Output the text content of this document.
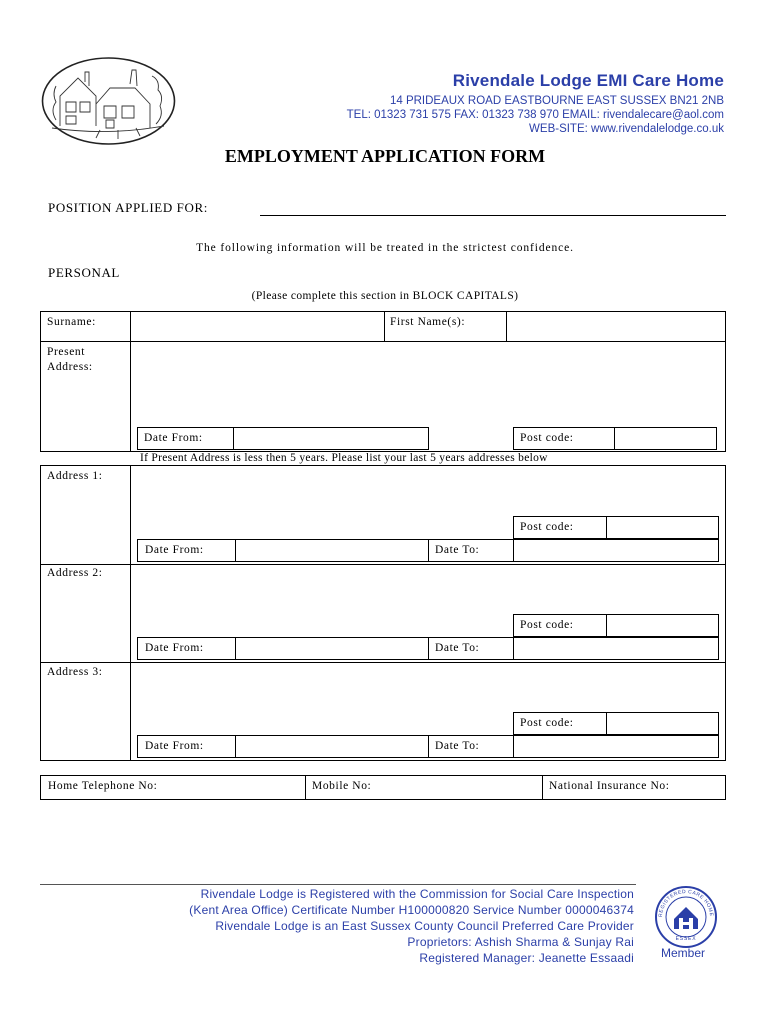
Rivendale Lodge EMI Care Home
14 PRIDEAUX ROAD EASTBOURNE EAST SUSSEX BN21 2NB
TEL: 01323 731 575 FAX: 01323 738 970 EMAIL: rivendalecare@aol.com
WEB-SITE: www.rivendalelodge.co.uk
EMPLOYMENT APPLICATION FORM
POSITION APPLIED FOR:
The following information will be treated in the strictest confidence.
PERSONAL
(Please complete this section in BLOCK CAPITALS)
Surname:	First Name(s):
Present
Address:
Date From:	Post code:
If Present Address is less then 5 years. Please list your last 5 years addresses below
Address 1:
Post code:
Date From:	Date To:
Address 2:
Post code:
Date From:	Date To:
Address 3:
Post code:
Date From:	Date To:
Home Telephone No:	Mobile No:	National Insurance No:
Rivendale Lodge is Registered with the Commission for Social Care Inspection
(Kent Area Office) Certificate Number H100000820 Service Number 0000046374
Rivendale Lodge is an East Sussex County Council Preferred Care Provider
Proprietors: Ashish Sharma & Sunjay Rai
Registered Manager: Jeanette Essaadi
REGISTERED CARE HOME
ESSEX
Member
